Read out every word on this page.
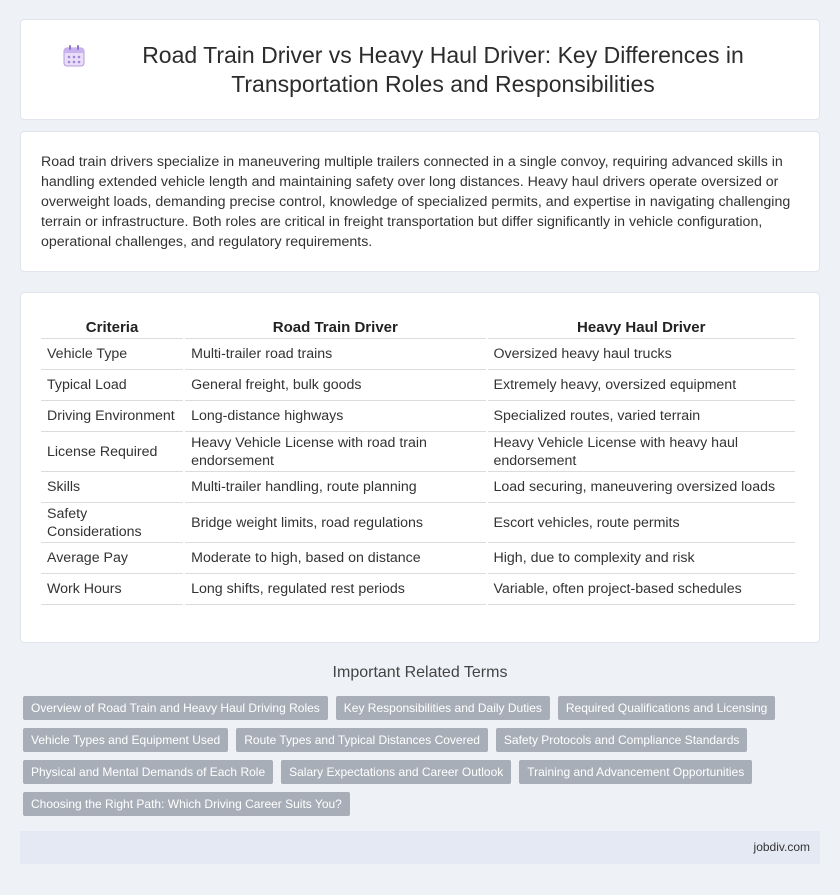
Road Train Driver vs Heavy Haul Driver: Key Differences in Transportation Roles and Responsibilities

Road train drivers specialize in maneuvering multiple trailers connected in a single convoy, requiring advanced skills in handling extended vehicle length and maintaining safety over long distances. Heavy haul drivers operate oversized or overweight loads, demanding precise control, knowledge of specialized permits, and expertise in navigating challenging terrain or infrastructure. Both roles are critical in freight transportation but differ significantly in vehicle configuration, operational challenges, and regulatory requirements.

Criteria	Road Train Driver	Heavy Haul Driver
Vehicle Type	Multi-trailer road trains	Oversized heavy haul trucks
Typical Load	General freight, bulk goods	Extremely heavy, oversized equipment
Driving Environment	Long-distance highways	Specialized routes, varied terrain
License Required	Heavy Vehicle License with road train endorsement	Heavy Vehicle License with heavy haul endorsement
Skills	Multi-trailer handling, route planning	Load securing, maneuvering oversized loads
Safety Considerations	Bridge weight limits, road regulations	Escort vehicles, route permits
Average Pay	Moderate to high, based on distance	High, due to complexity and risk
Work Hours	Long shifts, regulated rest periods	Variable, often project-based schedules
Important Related Terms
Overview of Road Train and Heavy Haul Driving Roles	Key Responsibilities and Daily Duties	Required Qualifications and Licensing
Vehicle Types and Equipment Used	Route Types and Typical Distances Covered	Safety Protocols and Compliance Standards
Physical and Mental Demands of Each Role	Salary Expectations and Career Outlook	Training and Advancement Opportunities
Choosing the Right Path: Which Driving Career Suits You?
jobdiv.com
